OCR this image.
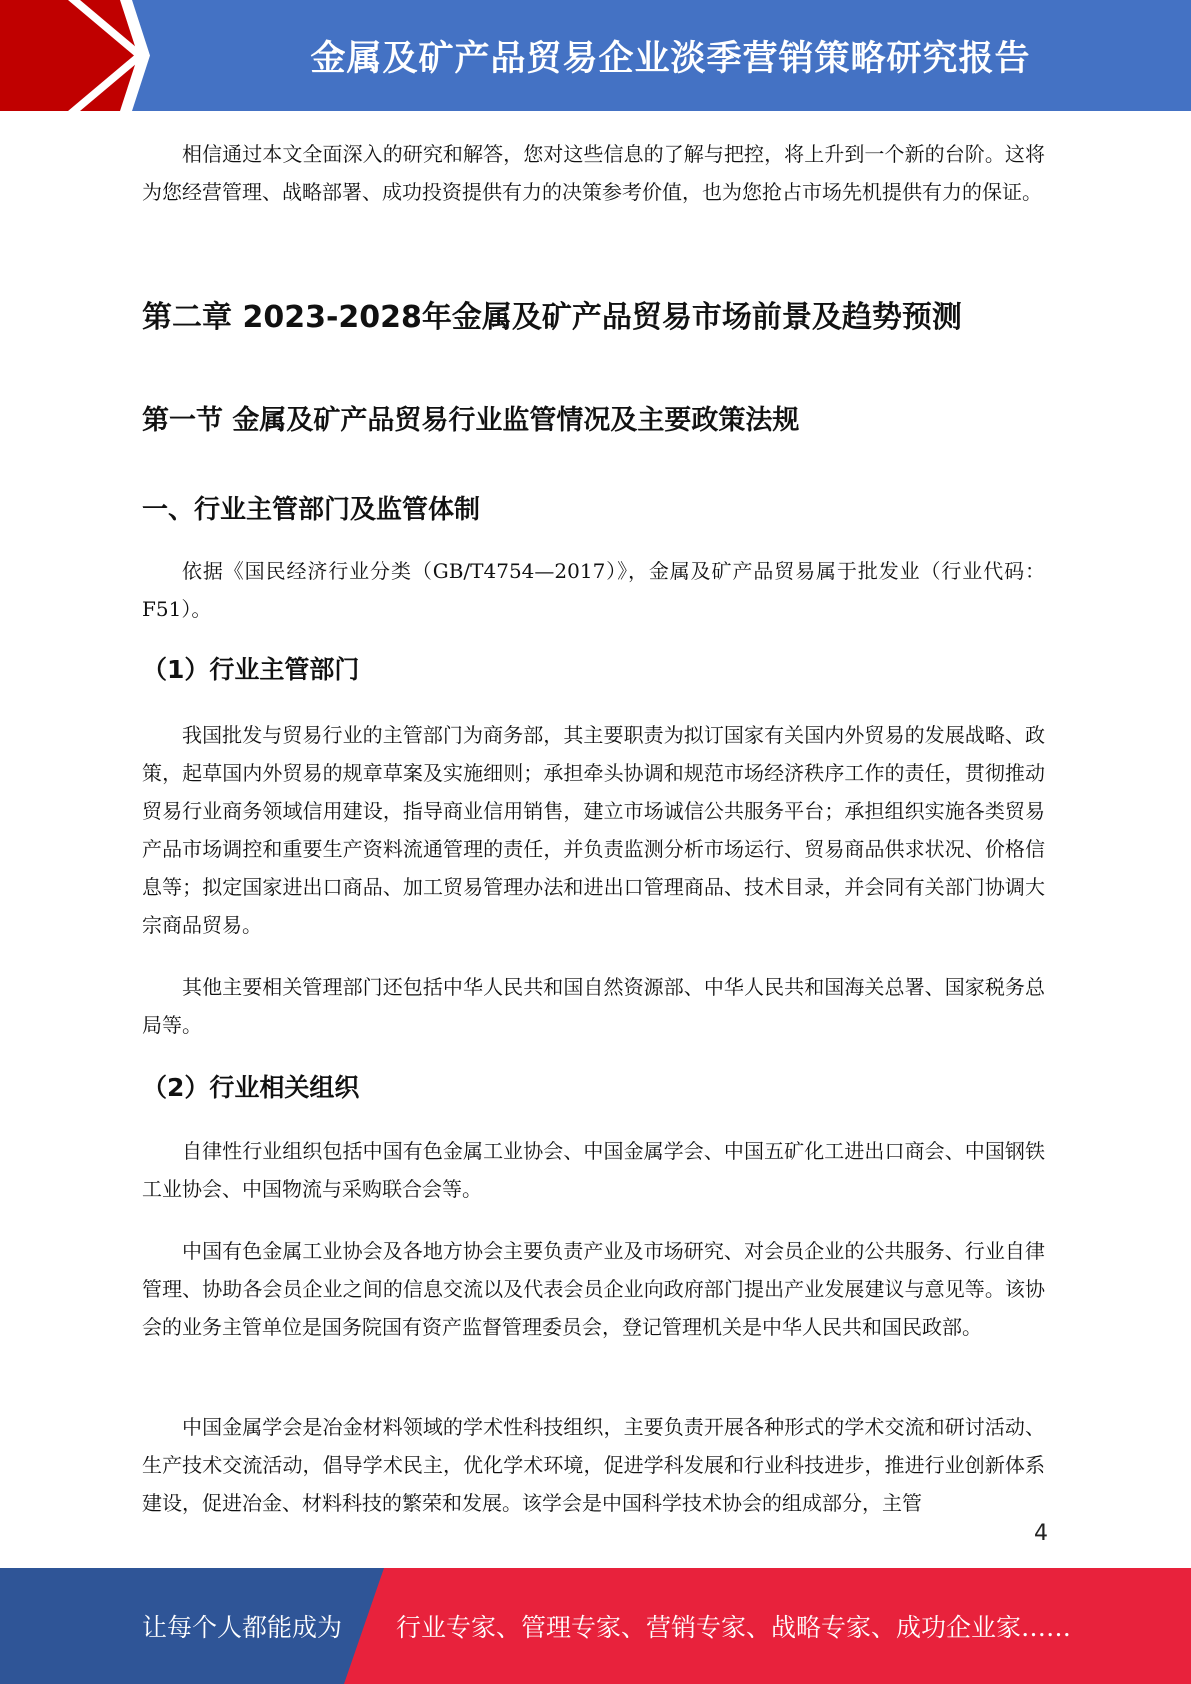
金属及矿产品贸易企业淡季营销策略研究报告

相信通过本文全面深入的研究和解答，您对这些信息的了解与把控，将上升到一个新的台阶。这将为您经营管理、战略部署、成功投资提供有力的决策参考价值，也为您抢占市场先机提供有力的保证。

第二章 2023-2028年金属及矿产品贸易市场前景及趋势预测
第一节 金属及矿产品贸易行业监管情况及主要政策法规
一、行业主管部门及监管体制

依据《国民经济行业分类（GB/T4754—2017）》，金属及矿产品贸易属于批发业（行业代码：F51）。

（1）行业主管部门

我国批发与贸易行业的主管部门为商务部，其主要职责为拟订国家有关国内外贸易的发展战略、政策，起草国内外贸易的规章草案及实施细则；承担牵头协调和规范市场经济秩序工作的责任，贯彻推动贸易行业商务领域信用建设，指导商业信用销售，建立市场诚信公共服务平台；承担组织实施各类贸易产品市场调控和重要生产资料流通管理的责任，并负责监测分析市场运行、贸易商品供求状况、价格信息等；拟定国家进出口商品、加工贸易管理办法和进出口管理商品、技术目录，并会同有关部门协调大宗商品贸易。

其他主要相关管理部门还包括中华人民共和国自然资源部、中华人民共和国海关总署、国家税务总局等。

（2）行业相关组织

自律性行业组织包括中国有色金属工业协会、中国金属学会、中国五矿化工进出口商会、中国钢铁工业协会、中国物流与采购联合会等。

中国有色金属工业协会及各地方协会主要负责产业及市场研究、对会员企业的公共服务、行业自律管理、协助各会员企业之间的信息交流以及代表会员企业向政府部门提出产业发展建议与意见等。该协会的业务主管单位是国务院国有资产监督管理委员会，登记管理机关是中华人民共和国民政部。

中国金属学会是冶金材料领域的学术性科技组织，主要负责开展各种形式的学术交流和研讨活动、生产技术交流活动，倡导学术民主，优化学术环境，促进学科发展和行业科技进步，推进行业创新体系建设，促进冶金、材料科技的繁荣和发展。该学会是中国科学技术协会的组成部分，主管

4
让每个人都能成为 行业专家、管理专家、营销专家、战略专家、成功企业家……
